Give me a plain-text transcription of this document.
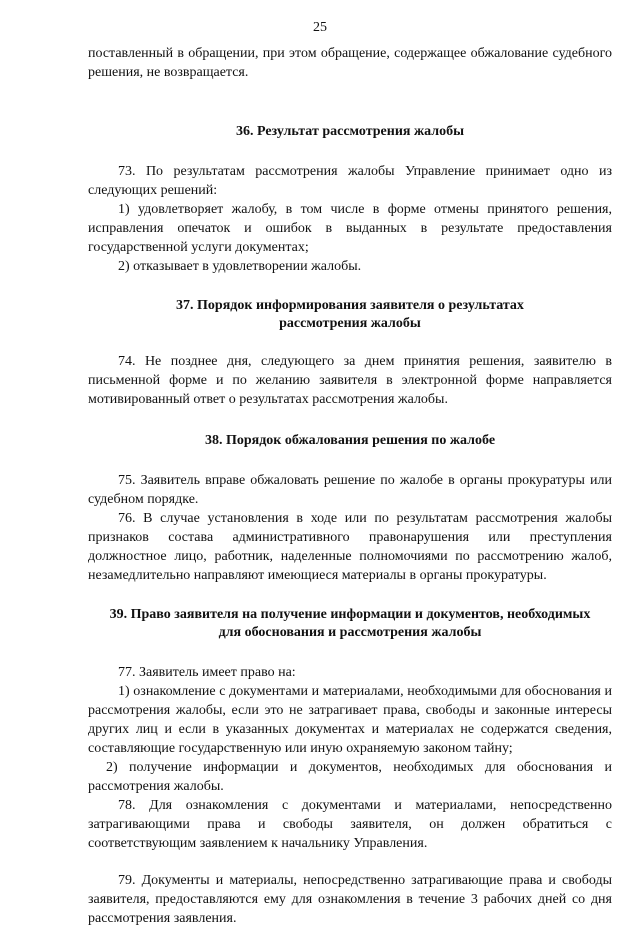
25

поставленный в обращении, при этом обращение, содержащее обжалование судебного решения, не возвращается.

36. Результат рассмотрения жалобы

73. По результатам рассмотрения жалобы Управление принимает одно из следующих решений:

1) удовлетворяет жалобу, в том числе в форме отмены принятого решения, исправления опечаток и ошибок в выданных в результате предоставления государственной услуги документах;

2) отказывает в удовлетворении жалобы.

37. Порядок информирования заявителя о результатах
рассмотрения жалобы

74. Не позднее дня, следующего за днем принятия решения, заявителю в письменной форме и по желанию заявителя в электронной форме направляется мотивированный ответ о результатах рассмотрения жалобы.

38. Порядок обжалования решения по жалобе

75. Заявитель вправе обжаловать решение по жалобе в органы прокуратуры или судебном порядке.

76. В случае установления в ходе или по результатам рассмотрения жалобы признаков состава административного правонарушения или преступления должностное лицо, работник, наделенные полномочиями по рассмотрению жалоб, незамедлительно направляют имеющиеся материалы в органы прокуратуры.

39. Право заявителя на получение информации и документов, необходимых
для обоснования и рассмотрения жалобы

77. Заявитель имеет право на:

1) ознакомление с документами и материалами, необходимыми для обоснования и рассмотрения жалобы, если это не затрагивает права, свободы и законные интересы других лиц и если в указанных документах и материалах не содержатся сведения, составляющие государственную или иную охраняемую законом тайну;

2) получение информации и документов, необходимых для обоснования и рассмотрения жалобы.

78. Для ознакомления с документами и материалами, непосредственно затрагивающими права и свободы заявителя, он должен обратиться с соответствующим заявлением к начальнику Управления.

79. Документы и материалы, непосредственно затрагивающие права и свободы заявителя, предоставляются ему для ознакомления в течение 3 рабочих дней со дня рассмотрения заявления.
